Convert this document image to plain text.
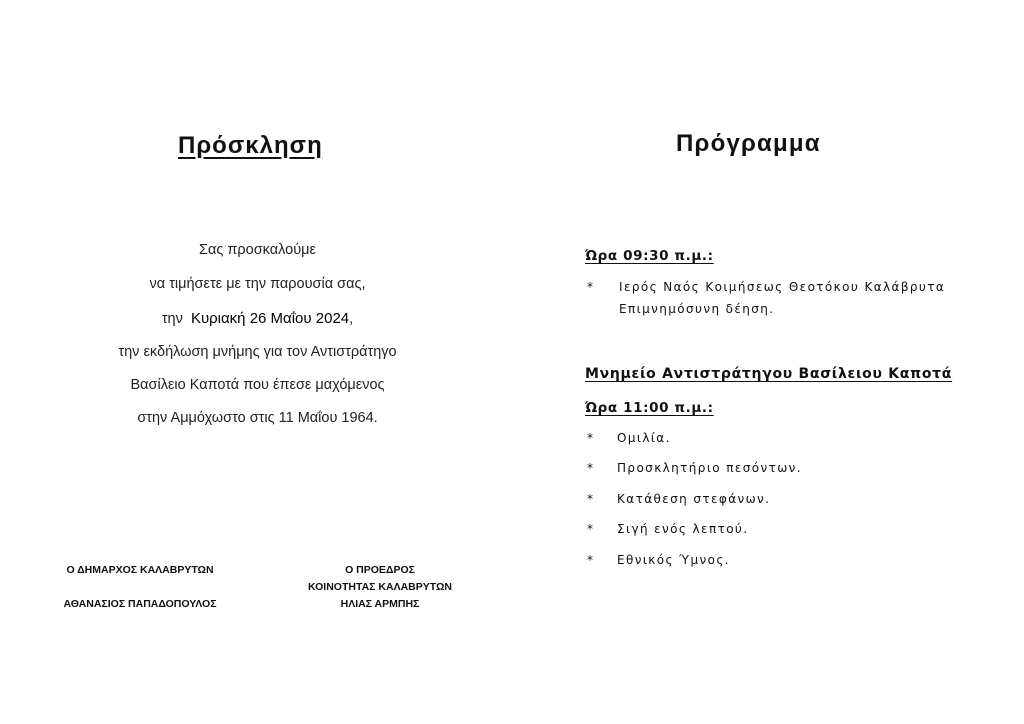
Πρόσκληση
Σας προσκαλούμε
να τιμήσετε με την παρουσία σας,
την Κυριακή 26 Μαΐου 2024,
την εκδήλωση μνήμης για τον Αντιστράτηγο
Βασίλειο Καποτά που έπεσε μαχόμενος
στην Αμμόχωστο στις 11 Μαΐου 1964.
Ο ΔΗΜΑΡΧΟΣ ΚΑΛΑΒΡΥΤΩΝ
ΑΘΑΝΑΣΙΟΣ ΠΑΠΑΔΟΠΟΥΛΟΣ
Ο ΠΡΟΕΔΡΟΣ
ΚΟΙΝΟΤΗΤΑΣ ΚΑΛΑΒΡΥΤΩΝ
ΗΛΙΑΣ ΑΡΜΠΗΣ
Πρόγραμμα
Ώρα 09:30 π.μ.:
* Ιερός Ναός Κοιμήσεως Θεοτόκου Καλάβρυτα
Επιμνημόσυνη δέηση.
Μνημείο Αντιστράτηγου Βασίλειου Καποτά
Ώρα 11:00 π.μ.:
* Ομιλία.
* Προσκλητήριο πεσόντων.
* Κατάθεση στεφάνων.
* Σιγή ενός λεπτού.
* Εθνικός Ύμνος.
